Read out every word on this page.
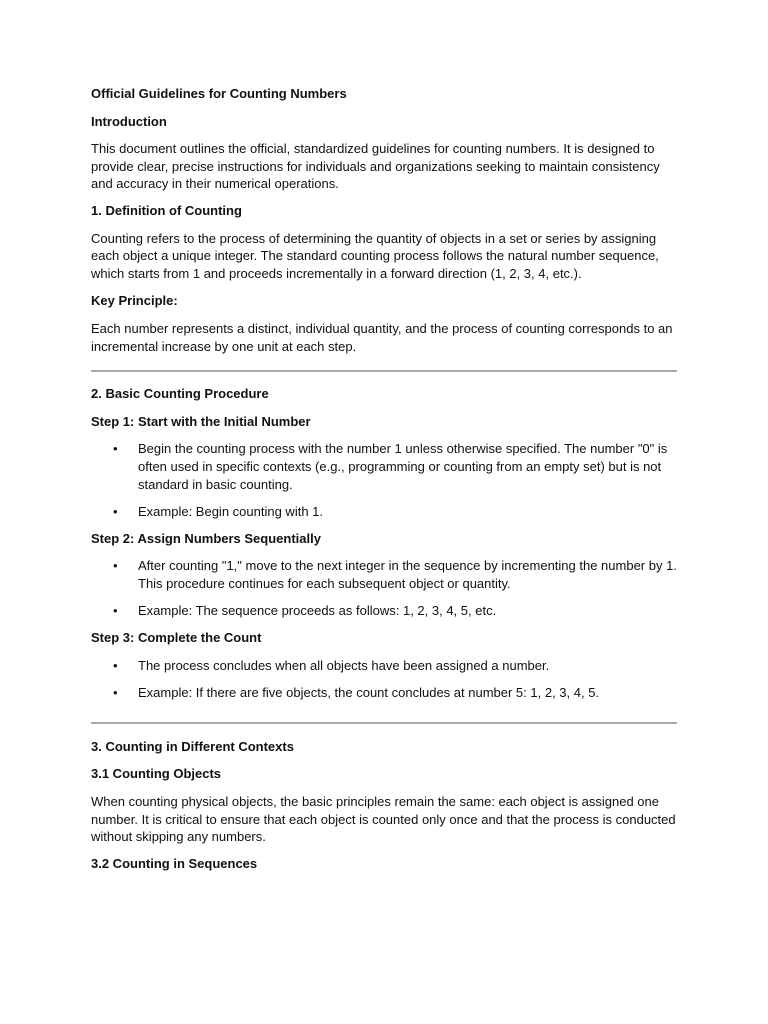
Official Guidelines for Counting Numbers

Introduction

This document outlines the official, standardized guidelines for counting numbers. It is designed to provide clear, precise instructions for individuals and organizations seeking to maintain consistency and accuracy in their numerical operations.

1. Definition of Counting

Counting refers to the process of determining the quantity of objects in a set or series by assigning each object a unique integer. The standard counting process follows the natural number sequence, which starts from 1 and proceeds incrementally in a forward direction (1, 2, 3, 4, etc.).

Key Principle:

Each number represents a distinct, individual quantity, and the process of counting corresponds to an incremental increase by one unit at each step.

2. Basic Counting Procedure

Step 1: Start with the Initial Number

• Begin the counting process with the number 1 unless otherwise specified. The number "0" is often used in specific contexts (e.g., programming or counting from an empty set) but is not standard in basic counting.
• Example: Begin counting with 1.

Step 2: Assign Numbers Sequentially

• After counting "1," move to the next integer in the sequence by incrementing the number by 1. This procedure continues for each subsequent object or quantity.
• Example: The sequence proceeds as follows: 1, 2, 3, 4, 5, etc.

Step 3: Complete the Count

• The process concludes when all objects have been assigned a number.
• Example: If there are five objects, the count concludes at number 5: 1, 2, 3, 4, 5.

3. Counting in Different Contexts

3.1 Counting Objects

When counting physical objects, the basic principles remain the same: each object is assigned one number. It is critical to ensure that each object is counted only once and that the process is conducted without skipping any numbers.

3.2 Counting in Sequences
